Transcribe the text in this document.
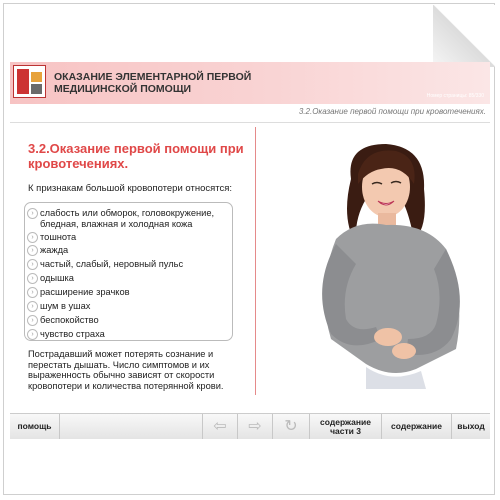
ОКАЗАНИЕ ЭЛЕМЕНТАРНОЙ ПЕРВОЙ МЕДИЦИНСКОЙ ПОМОЩИ
Номер страницы: 85/330
3.2.Оказание первой помощи при кровотечениях.
3.2.Оказание первой помощи при кровотечениях.
К признакам большой кровопотери относятся:
› слабость или обморок, головокружение, бледная, влажная и холодная кожа
› тошнота
› жажда
› частый, слабый, неровный пульс
› одышка
› расширение зрачков
› шум в ушах
› беспокойство
› чувство страха
Пострадавший может потерять сознание и перестать дышать. Число симптомов и их выраженность обычно зависят от скорости кровопотери и количества потерянной крови.
помощь	⇦	⇨	↻	содержание части 3	содержание	выход
